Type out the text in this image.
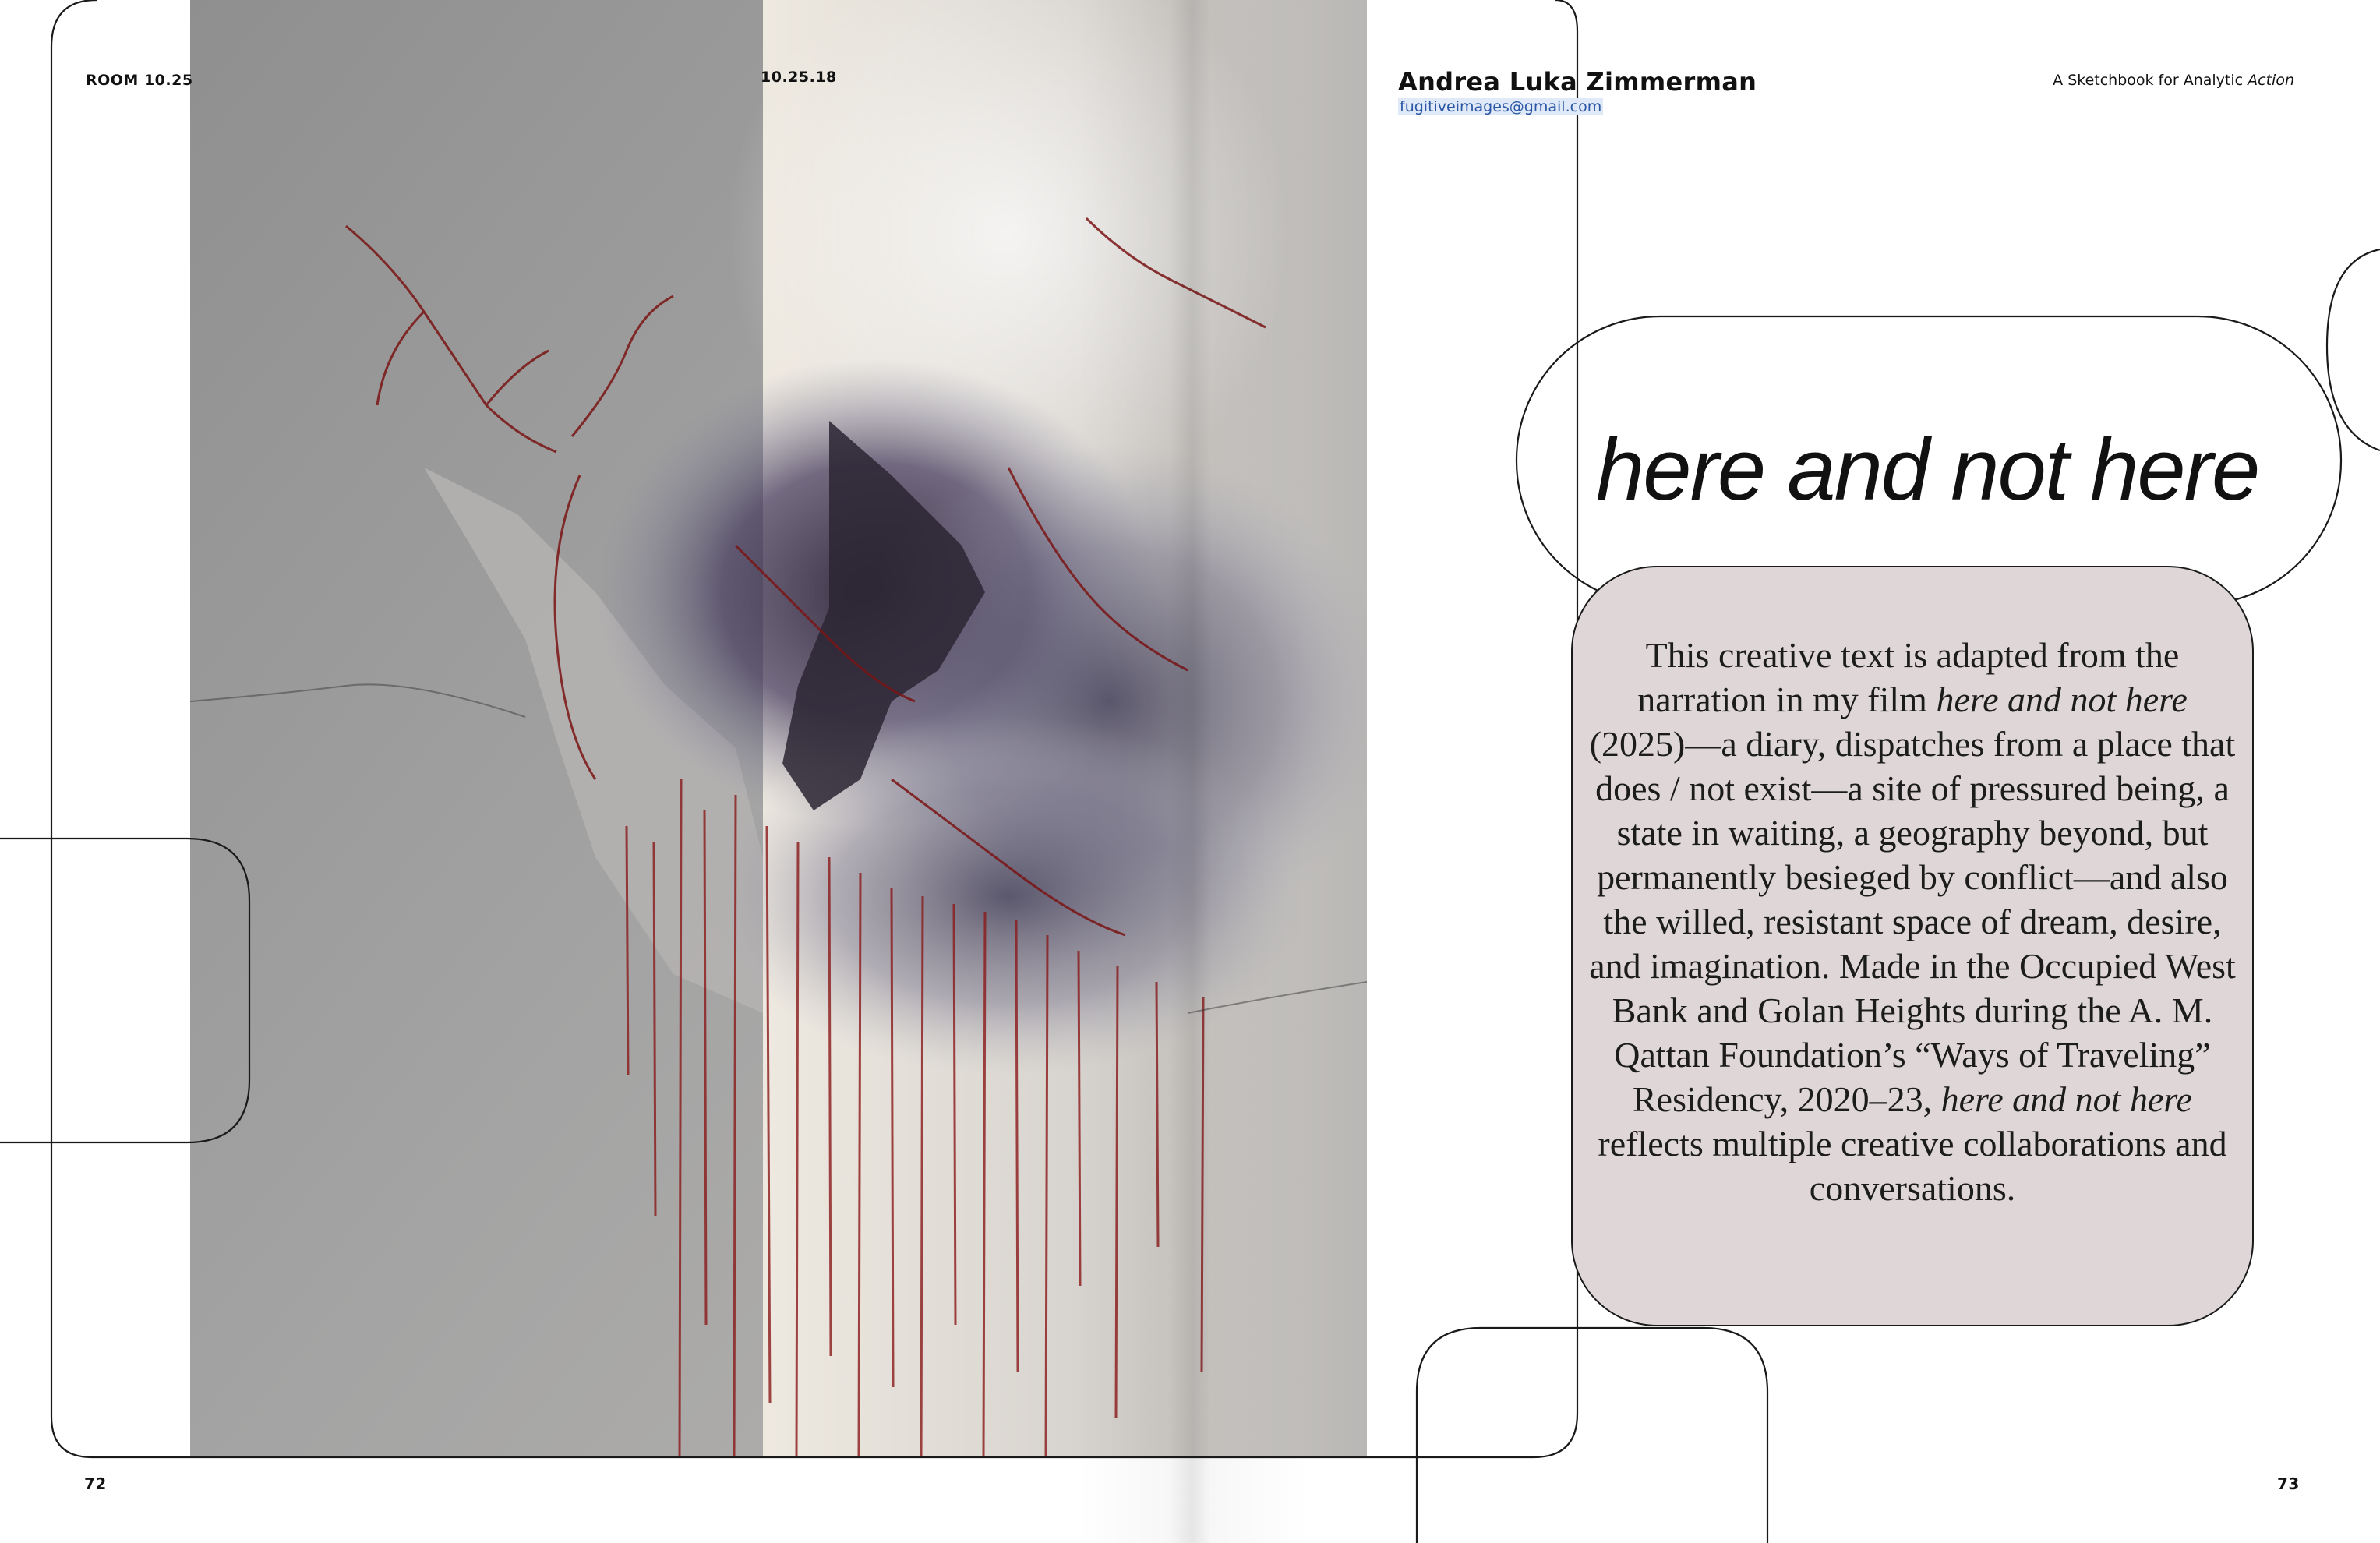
ROOM 10.25	10.25.18	Andrea Luka Zimmerman
fugitiveimages@gmail.com
A Sketchbook for Analytic Action
here and not here
This creative text is adapted from the narration in my film here and not here (2025)—a diary, dispatches from a place that does / not exist—a site of pressured being, a state in waiting, a geography beyond, but permanently besieged by conflict—and also the willed, resistant space of dream, desire, and imagination. Made in the Occupied West Bank and Golan Heights during the A. M. Qattan Foundation’s “Ways of Traveling” Residency, 2020–23, here and not here reflects multiple creative collaborations and conversations.
72	73
